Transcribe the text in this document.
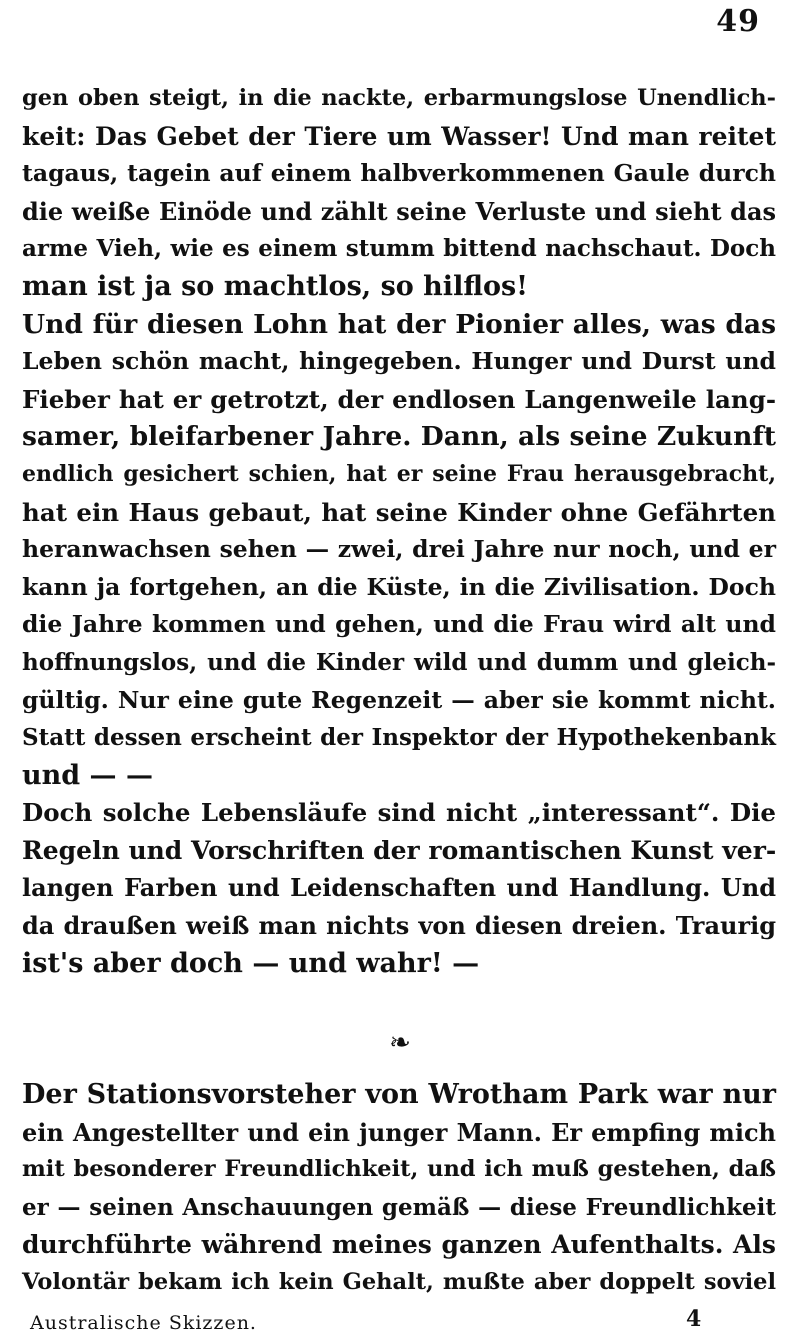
49
gen oben steigt, in die nackte, erbarmungslose Unendlich-
keit: Das Gebet der Tiere um Wasser! Und man reitet
tagaus, tagein auf einem halbverkommenen Gaule durch
die weiße Einöde und zählt seine Verluste und sieht das
arme Vieh, wie es einem stumm bittend nachschaut. Doch
man ist ja so machtlos, so hilflos!
Und für diesen Lohn hat der Pionier alles, was das
Leben schön macht, hingegeben. Hunger und Durst und
Fieber hat er getrotzt, der endlosen Langenweile lang-
samer, bleifarbener Jahre. Dann, als seine Zukunft
endlich gesichert schien, hat er seine Frau herausgebracht,
hat ein Haus gebaut, hat seine Kinder ohne Gefährten
heranwachsen sehen — zwei, drei Jahre nur noch, und er
kann ja fortgehen, an die Küste, in die Zivilisation. Doch
die Jahre kommen und gehen, und die Frau wird alt und
hoffnungslos, und die Kinder wild und dumm und gleich-
gültig. Nur eine gute Regenzeit — aber sie kommt nicht.
Statt dessen erscheint der Inspektor der Hypothekenbank
und — —
Doch solche Lebensläufe sind nicht „interessant“. Die
Regeln und Vorschriften der romantischen Kunst ver-
langen Farben und Leidenschaften und Handlung. Und
da draußen weiß man nichts von diesen dreien. Traurig
ist's aber doch — und wahr! —
❧
Der Stationsvorsteher von Wrotham Park war nur
ein Angestellter und ein junger Mann. Er empfing mich
mit besonderer Freundlichkeit, und ich muß gestehen, daß
er — seinen Anschauungen gemäß — diese Freundlichkeit
durchführte während meines ganzen Aufenthalts. Als
Volontär bekam ich kein Gehalt, mußte aber doppelt soviel
Australische Skizzen.	4
